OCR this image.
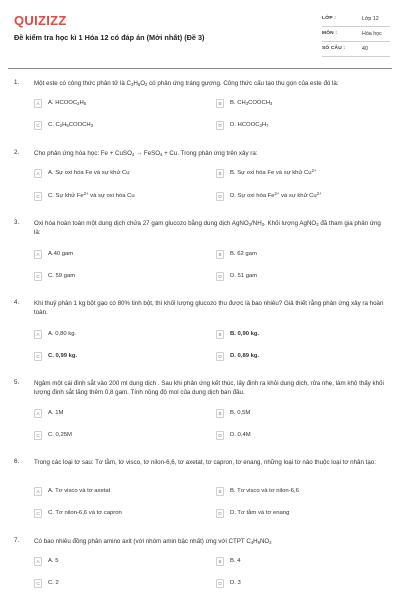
QUIZIZZ
Đề kiểm tra học kì 1 Hóa 12 có đáp án (Mới nhất) (Đề 3)
LỚP :	Lớp 12
MÔN :	Hóa học
SỐ CÂU :	40
1. Một este có công thức phân tử là $C_3H_6O_2$ có phản ứng tráng gương. Công thức cấu tạo thu gọn của este đó là:
A	A. $HCOOC_2H_5$	B	B. $CH_3COOCH_3$
C	C. $C_2H_5COOCH_3$	D	D. $HCOOC_3H_7$
2. Cho phản ứng hóa học: Fe + CuSO$_4$ → FeSO$_4$ + Cu. Trong phản ứng trên xảy ra:
A	A. Sự oxi hóa Fe và sự khử Cu	B	B. Sự oxi hóa Fe và sự khử $Cu^{2+}$
C	C. Sự khử $Fe^{2+}$ và sự oxi hóa Cu	D	D. Sự oxi hóa $Fe^{2+}$ và sự khử $Cu^{2+}$
3. Oxi hóa hoàn toàn một dung dịch chứa 27 gam glucozo bằng dung dịch $AgNO_3/NH_3$. Khối lượng AgNO$_3$ đã tham gia phản ứng là:
A	A.40 gam	B	B. 62 gam
C	C. 59 gam	D	D. 51 gam
4. Khi thuỷ phân 1 kg bột gạo có 80% tinh bột, thì khối lượng glucozo thu được là bao nhiêu? Giả thiết rằng phản ứng xảy ra hoàn toàn.
A	A. 0,80 kg.	B	B. 0,90 kg.
C	C. 0,99 kg.	D	D. 0,89 kg.
5. Ngâm một cái đinh sắt vào 200 ml dung dịch . Sau khi phản ứng kết thúc, lấy đinh ra khỏi dung dịch, rửa nhẹ, làm khô thấy khối lượng đinh sắt tăng thêm 0,8 gam. Tính nồng độ mol của dung dịch ban đầu.
A	A. 1M	B	B. 0,5M
C	C. 0,25M	D	D. 0,4M
6. Trong các loại tơ sau: Tơ tằm, tơ visco, tơ nilon-6,6, tơ axetat, tơ capron, tơ enang, những loại tơ nào thuộc loại tơ nhân tạo:
A	A. Tơ visco và tơ axetat	B	B. Tơ visco và tơ nilon-6,6
C	C. Tơ nilon-6,6 và tơ capron	D	D. Tơ tằm và tơ enang
7. Có bao nhiêu đồng phân amino axit (với nhóm amin bậc nhất) ứng với CTPT $C_4H_9NO_2$
A	A. 5	B	B. 4
C	C. 2	D	D. 3
